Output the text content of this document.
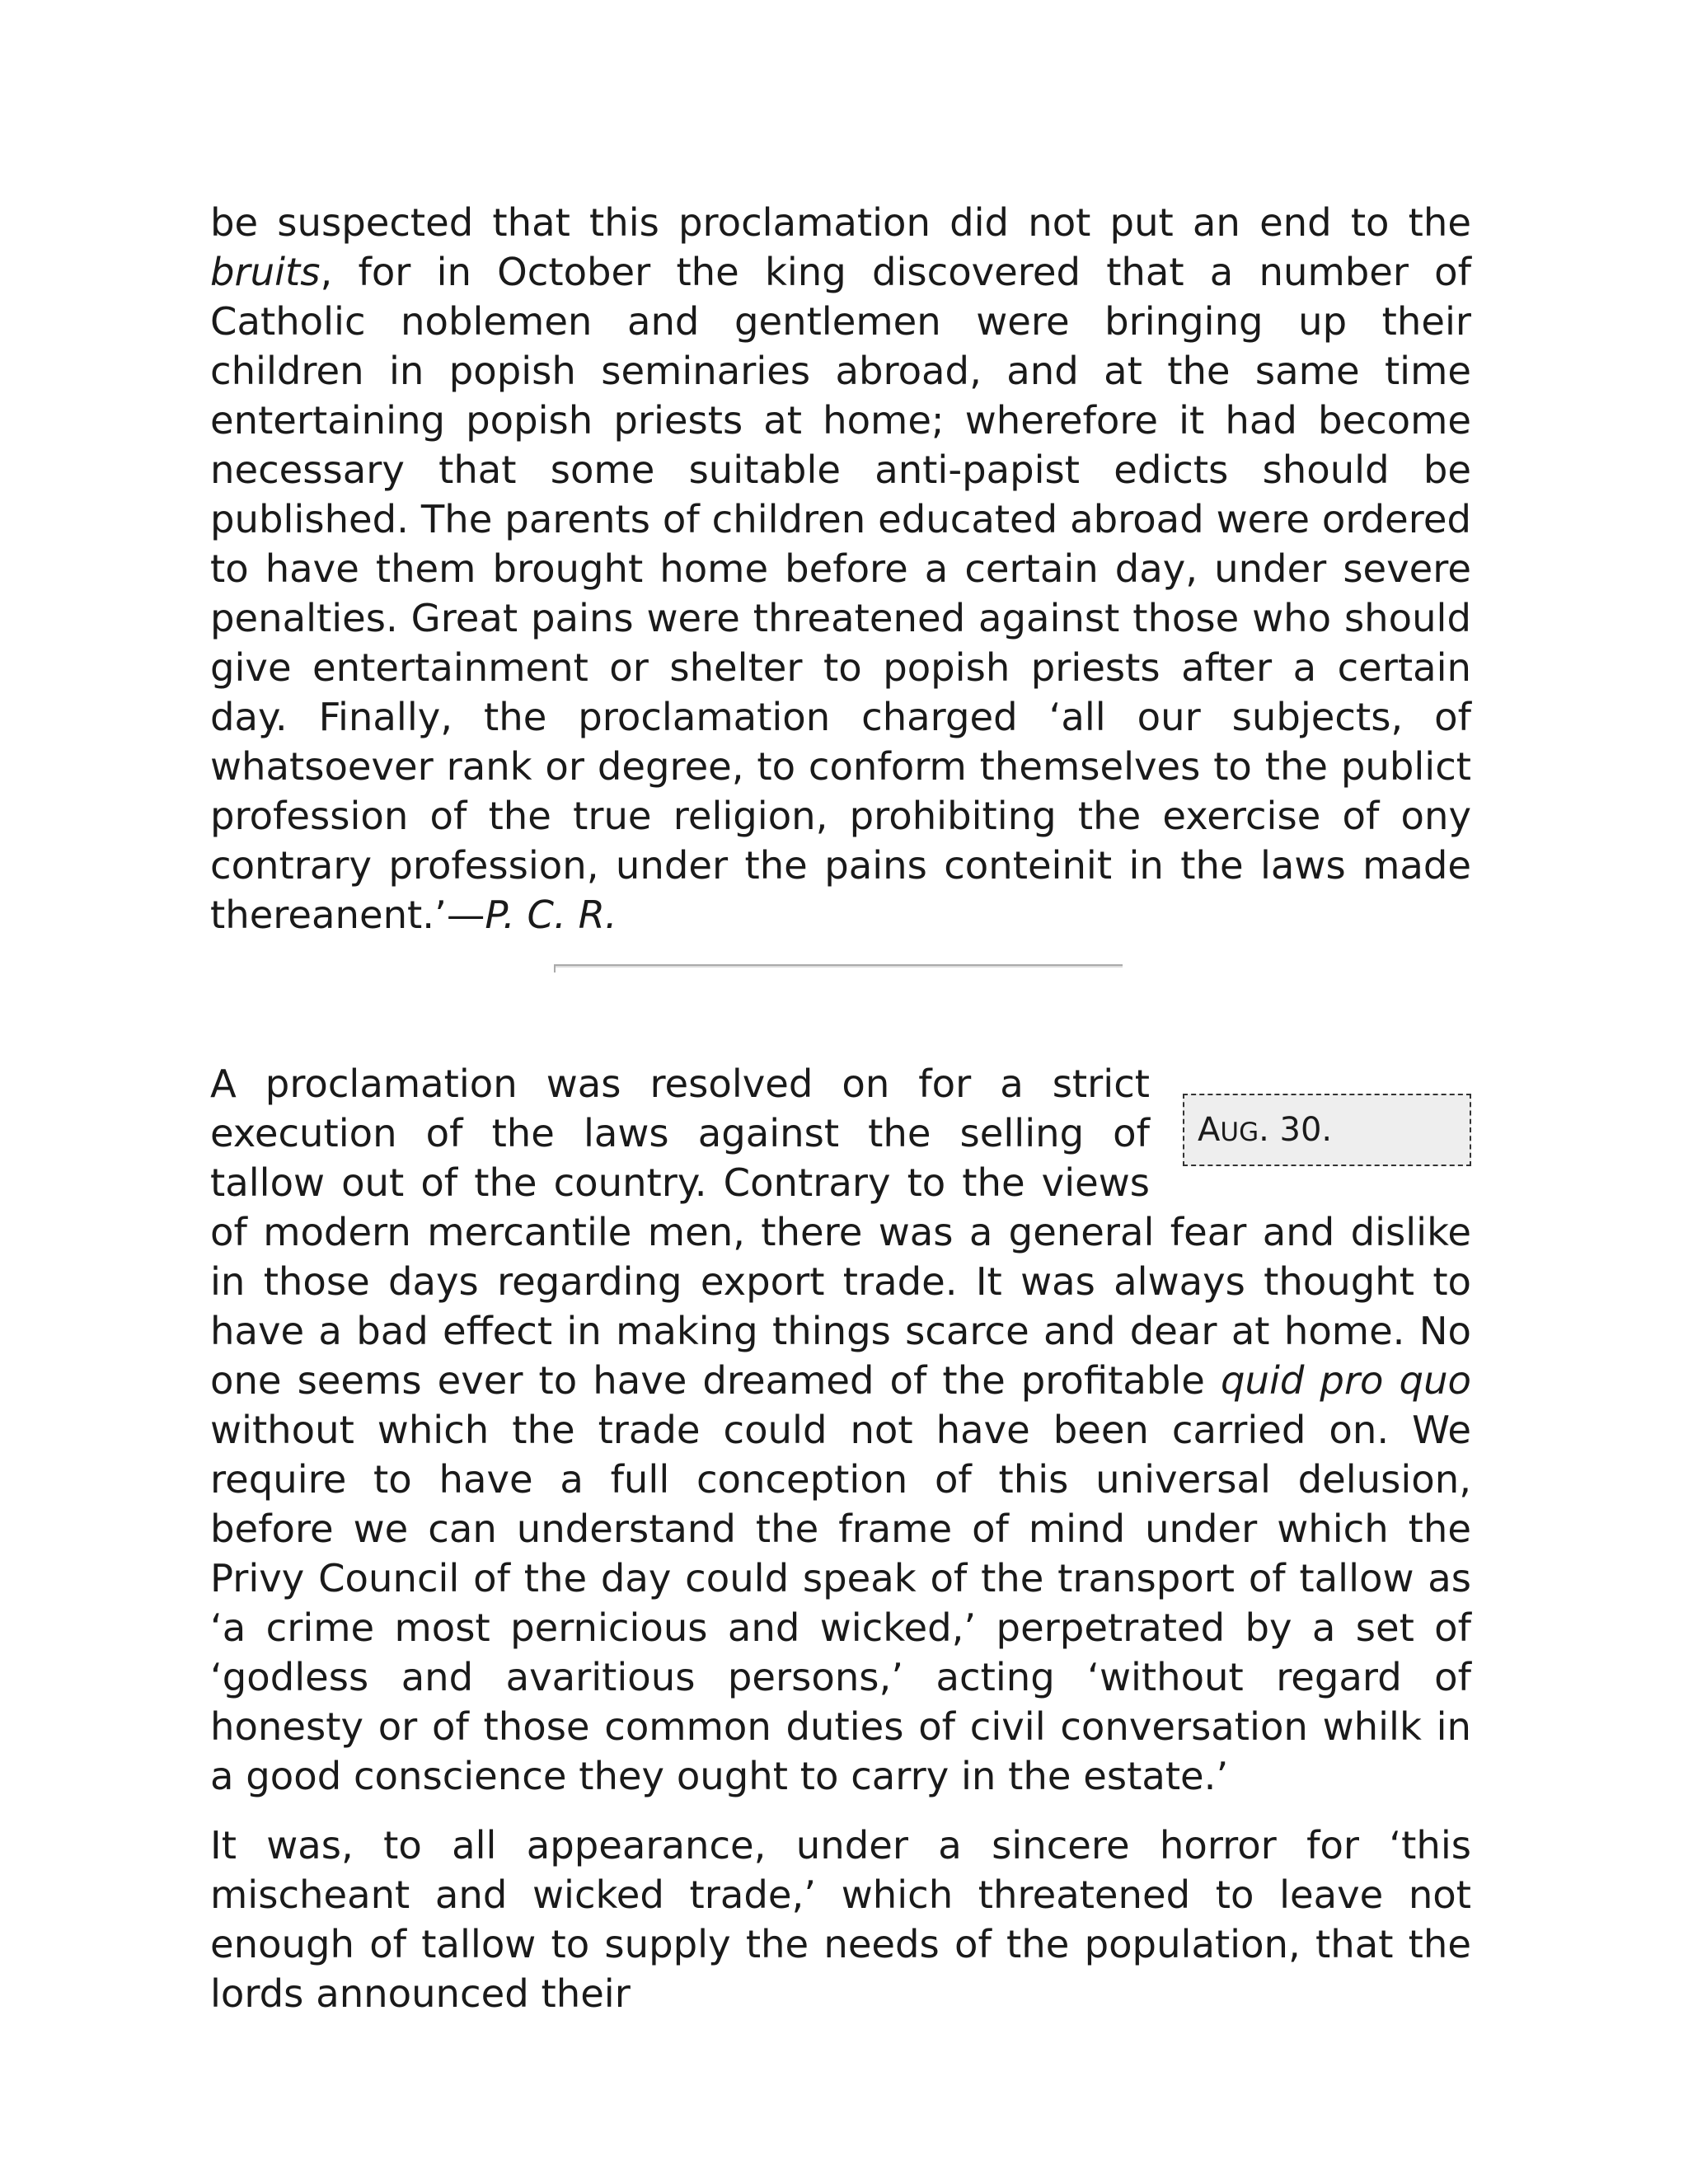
be suspected that this proclamation did not put an end to the bruits, for in October the king discovered that a number of Catholic noblemen and gentlemen were bringing up their children in popish seminaries abroad, and at the same time entertaining popish priests at home; wherefore it had become necessary that some suitable anti-papist edicts should be published. The parents of children educated abroad were ordered to have them brought home before a certain day, under severe penalties. Great pains were threatened against those who should give entertainment or shelter to popish priests after a certain day. Finally, the proclamation charged ‘all our subjects, of whatsoever rank or degree, to conform themselves to the publict profession of the true religion, prohibiting the exercise of ony contrary profession, under the pains conteinit in the laws made thereanent.’—P. C. R.

AUG. 30.

A proclamation was resolved on for a strict execution of the laws against the selling of tallow out of the country. Contrary to the views of modern mercantile men, there was a general fear and dislike in those days regarding export trade. It was always thought to have a bad effect in making things scarce and dear at home. No one seems ever to have dreamed of the profitable quid pro quo without which the trade could not have been carried on. We require to have a full conception of this universal delusion, before we can understand the frame of mind under which the Privy Council of the day could speak of the transport of tallow as ‘a crime most pernicious and wicked,’ perpetrated by a set of ‘godless and avaritious persons,’ acting ‘without regard of honesty or of those common duties of civil conversation whilk in a good conscience they ought to carry in the estate.’

It was, to all appearance, under a sincere horror for ‘this mischeant and wicked trade,’ which threatened to leave not enough of tallow to supply the needs of the population, that the lords announced their
